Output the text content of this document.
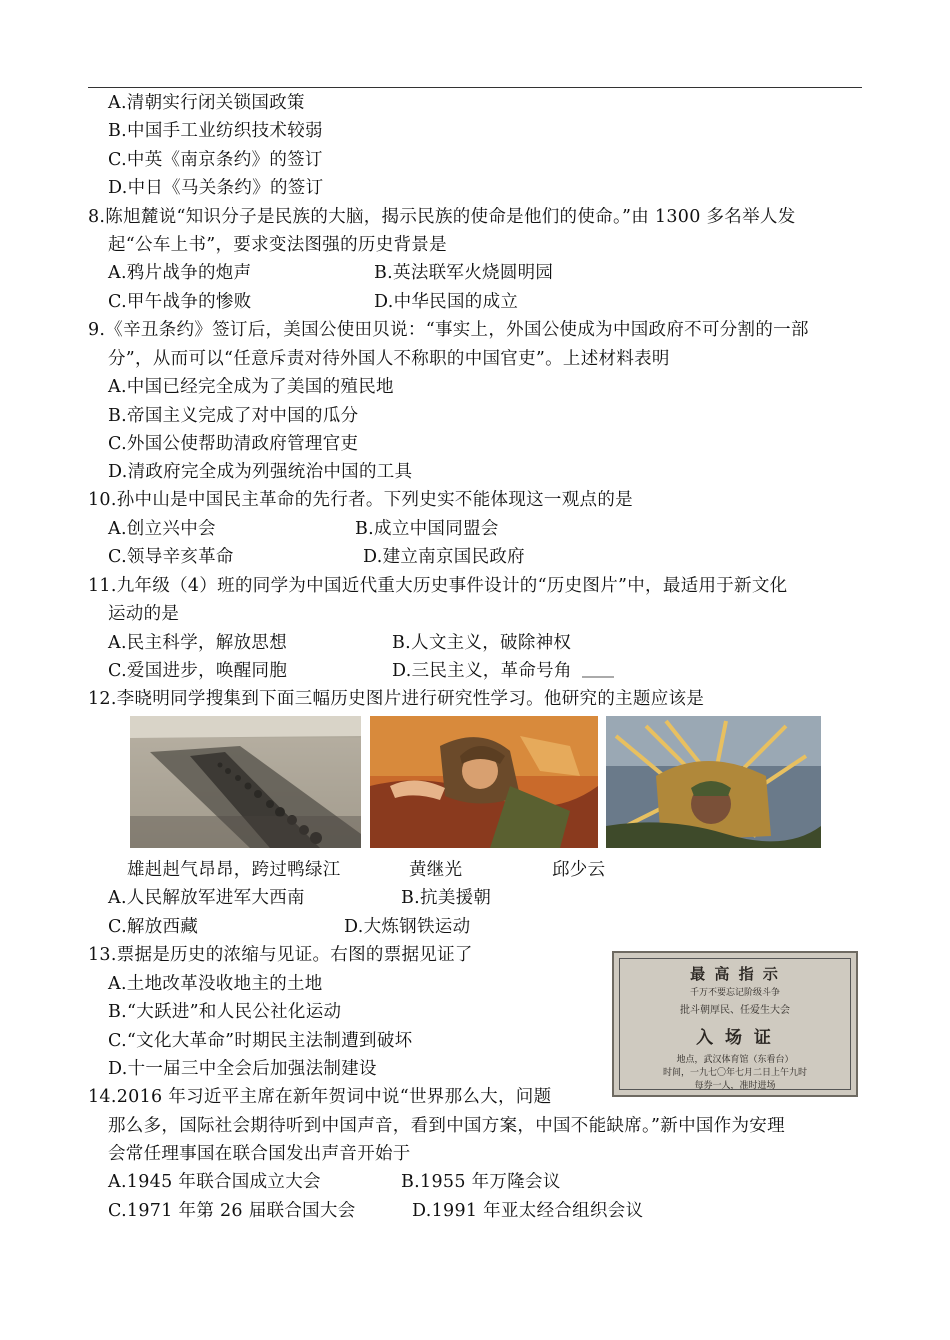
A.清朝实行闭关锁国政策
B.中国手工业纺织技术较弱
C.中英《南京条约》的签订
D.中日《马关条约》的签订
8.陈旭麓说“知识分子是民族的大脑，揭示民族的使命是他们的使命。”由 1300 多名举人发
起“公车上书”，要求变法图强的历史背景是
A.鸦片战争的炮声	B.英法联军火烧圆明园
C.甲午战争的惨败	D.中华民国的成立
9.《辛丑条约》签订后，美国公使田贝说：“事实上，外国公使成为中国政府不可分割的一部
分”，从而可以“任意斥责对待外国人不称职的中国官吏”。上述材料表明
A.中国已经完全成为了美国的殖民地
B.帝国主义完成了对中国的瓜分
C.外国公使帮助清政府管理官吏
D.清政府完全成为列强统治中国的工具
10.孙中山是中国民主革命的先行者。下列史实不能体现这一观点的是
A.创立兴中会	B.成立中国同盟会
C.领导辛亥革命	D.建立南京国民政府
11.九年级（4）班的同学为中国近代重大历史事件设计的“历史图片”中，最适用于新文化
运动的是
A.民主科学，解放思想	B.人文主义，破除神权
C.爱国进步，唤醒同胞	D.三民主义，革命号角
12.李晓明同学搜集到下面三幅历史图片进行研究性学习。他研究的主题应该是
雄赳赳气昂昂，跨过鸭绿江	黄继光	邱少云
A.人民解放军进军大西南	B.抗美援朝
C.解放西藏	D.大炼钢铁运动
13.票据是历史的浓缩与见证。右图的票据见证了
A.土地改革没收地主的土地
B.“大跃进”和人民公社化运动
C.“文化大革命”时期民主法制遭到破坏
D.十一届三中全会后加强法制建设
最 高 指 示
千万不要忘记阶级斗争
批斗朝厚民、任爱生大会
入 场 证
地点，武汉体育馆（东看台）
时间，一九七〇年七月二日上午九时
每券一人，准时进场
14.2016 年习近平主席在新年贺词中说“世界那么大，问题
那么多，国际社会期待听到中国声音，看到中国方案，中国不能缺席。”新中国作为安理
会常任理事国在联合国发出声音开始于
A.1945 年联合国成立大会	B.1955 年万隆会议
C.1971 年第 26 届联合国大会	D.1991 年亚太经合组织会议
